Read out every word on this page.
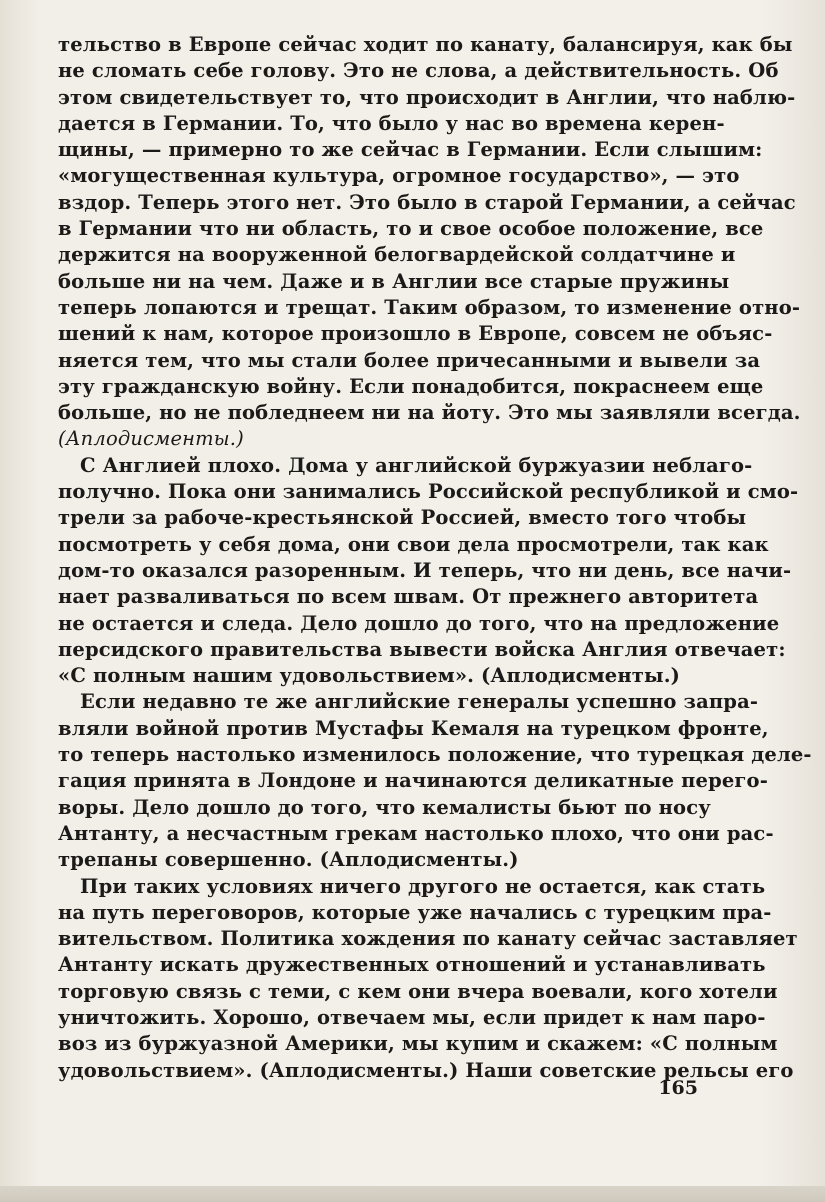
тельство в Европе сейчас ходит по канату, балансируя, как бы
не сломать себе голову. Это не слова, а действительность. Об
этом свидетельствует то, что происходит в Англии, что наблю-
дается в Германии. То, что было у нас во времена керен-
щины, — примерно то же сейчас в Германии. Если слышим:
«могущественная культура, огромное государство», — это
вздор. Теперь этого нет. Это было в старой Германии, а сейчас
в Германии что ни область, то и свое особое положение, все
держится на вооруженной белогвардейской солдатчине и
больше ни на чем. Даже и в Англии все старые пружины
теперь лопаются и трещат. Таким образом, то изменение отно-
шений к нам, которое произошло в Европе, совсем не объяс-
няется тем, что мы стали более причесанными и вывели за
эту гражданскую войну. Если понадобится, покраснеем еще
больше, но не побледнеем ни на йоту. Это мы заявляли всегда.
(Аплодисменты.)
С Англией плохо. Дома у английской буржуазии неблаго-
получно. Пока они занимались Российской республикой и смо-
трели за рабоче-крестьянской Россией, вместо того чтобы
посмотреть у себя дома, они свои дела просмотрели, так как
дом-то оказался разоренным. И теперь, что ни день, все начи-
нает разваливаться по всем швам. От прежнего авторитета
не остается и следа. Дело дошло до того, что на предложение
персидского правительства вывести войска Англия отвечает:
«С полным нашим удовольствием». (Аплодисменты.)
Если недавно те же английские генералы успешно запра-
вляли войной против Мустафы Кемаля на турецком фронте,
то теперь настолько изменилось положение, что турецкая деле-
гация принята в Лондоне и начинаются деликатные перего-
воры. Дело дошло до того, что кемалисты бьют по носу
Антанту, а несчастным грекам настолько плохо, что они рас-
трепаны совершенно. (Аплодисменты.)
При таких условиях ничего другого не остается, как стать
на путь переговоров, которые уже начались с турецким пра-
вительством. Политика хождения по канату сейчас заставляет
Антанту искать дружественных отношений и устанавливать
торговую связь с теми, с кем они вчера воевали, кого хотели
уничтожить. Хорошо, отвечаем мы, если придет к нам паро-
воз из буржуазной Америки, мы купим и скажем: «С полным
удовольствием». (Аплодисменты.) Наши советские рельсы его
165
